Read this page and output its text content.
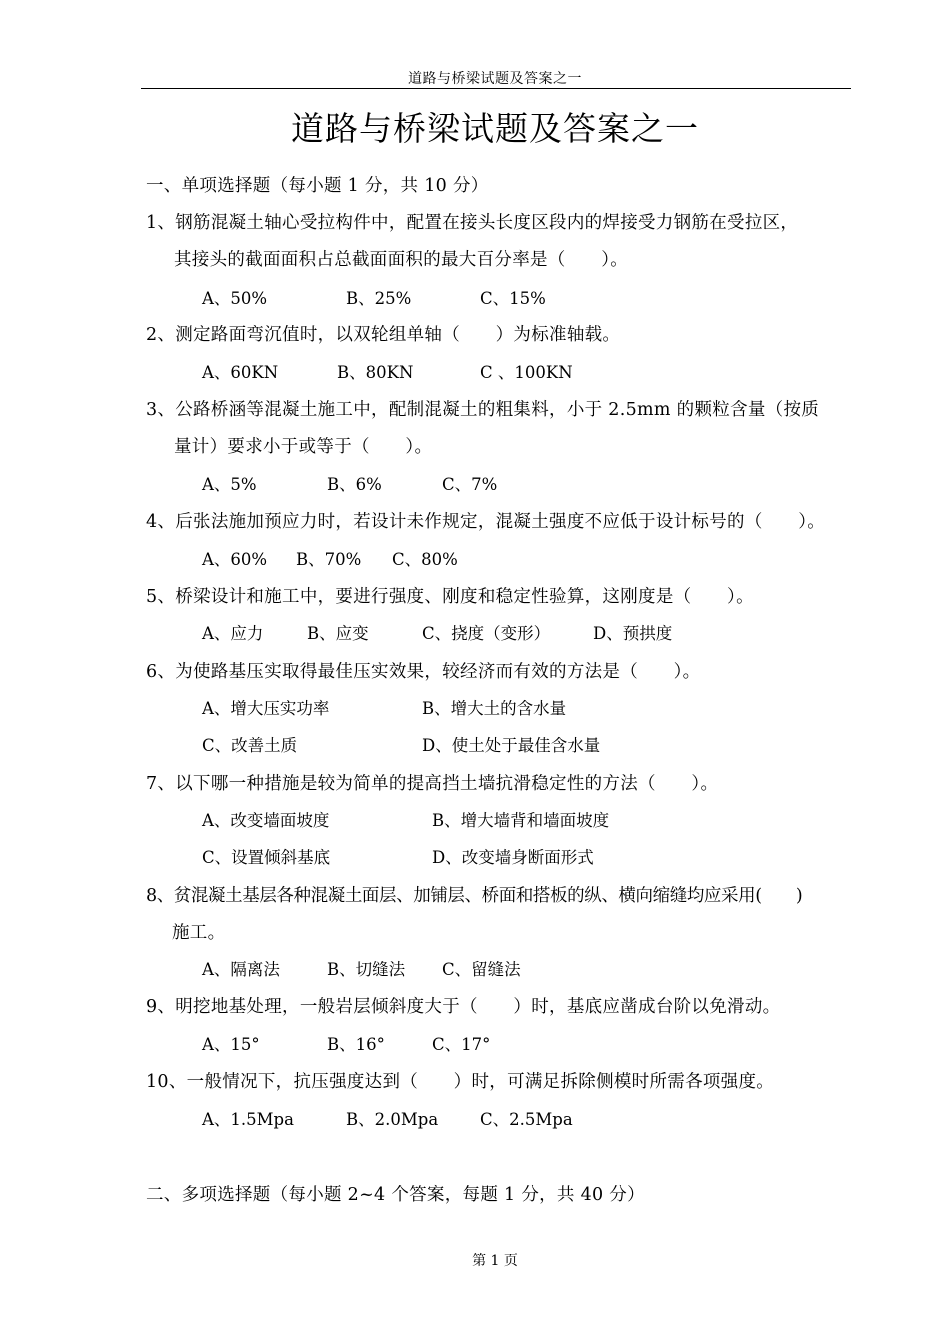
道路与桥梁试题及答案之一
道路与桥梁试题及答案之一
一、单项选择题（每小题 1 分，共 10 分）
1、钢筋混凝土轴心受拉构件中，配置在接头长度区段内的焊接受力钢筋在受拉区，
其接头的截面面积占总截面面积的最大百分率是（　　）。
A、50%	B、25%	C、15%
2、测定路面弯沉值时，以双轮组单轴（　　）为标准轴载。
A、60KN	B、80KN	C 、100KN
3、公路桥涵等混凝土施工中，配制混凝土的粗集料，小于 2.5mm 的颗粒含量（按质
量计）要求小于或等于（　　）。
A、5%	B、6%	C、7%
4、后张法施加预应力时，若设计未作规定，混凝土强度不应低于设计标号的（　　）。
A、60% B、70% C、80%
5、桥梁设计和施工中，要进行强度、刚度和稳定性验算，这刚度是（　　）。
A、应力	B、应变	C、挠度（变形）	D、预拱度
6、为使路基压实取得最佳压实效果，较经济而有效的方法是（　　）。
A、增大压实功率	B、增大土的含水量
C、改善土质	D、使土处于最佳含水量
7、以下哪一种措施是较为简单的提高挡土墙抗滑稳定性的方法（　　）。
A、改变墙面坡度	B、增大墙背和墙面坡度
C、设置倾斜基底	D、改变墙身断面形式
8、贫混凝土基层各种混凝土面层、加铺层、桥面和搭板的纵、横向缩缝均应采用(　　)
施工。
A、隔离法	B、切缝法 C、留缝法
9、明挖地基处理，一般岩层倾斜度大于（　　）时，基底应凿成台阶以免滑动。
A、15°	B、16°	C、17°
10、一般情况下，抗压强度达到（　　）时，可满足拆除侧模时所需各项强度。
A、1.5Mpa	B、2.0Mpa	C、2.5Mpa
二、多项选择题（每小题 2~4 个答案，每题 1 分，共 40 分）
第 1 页
